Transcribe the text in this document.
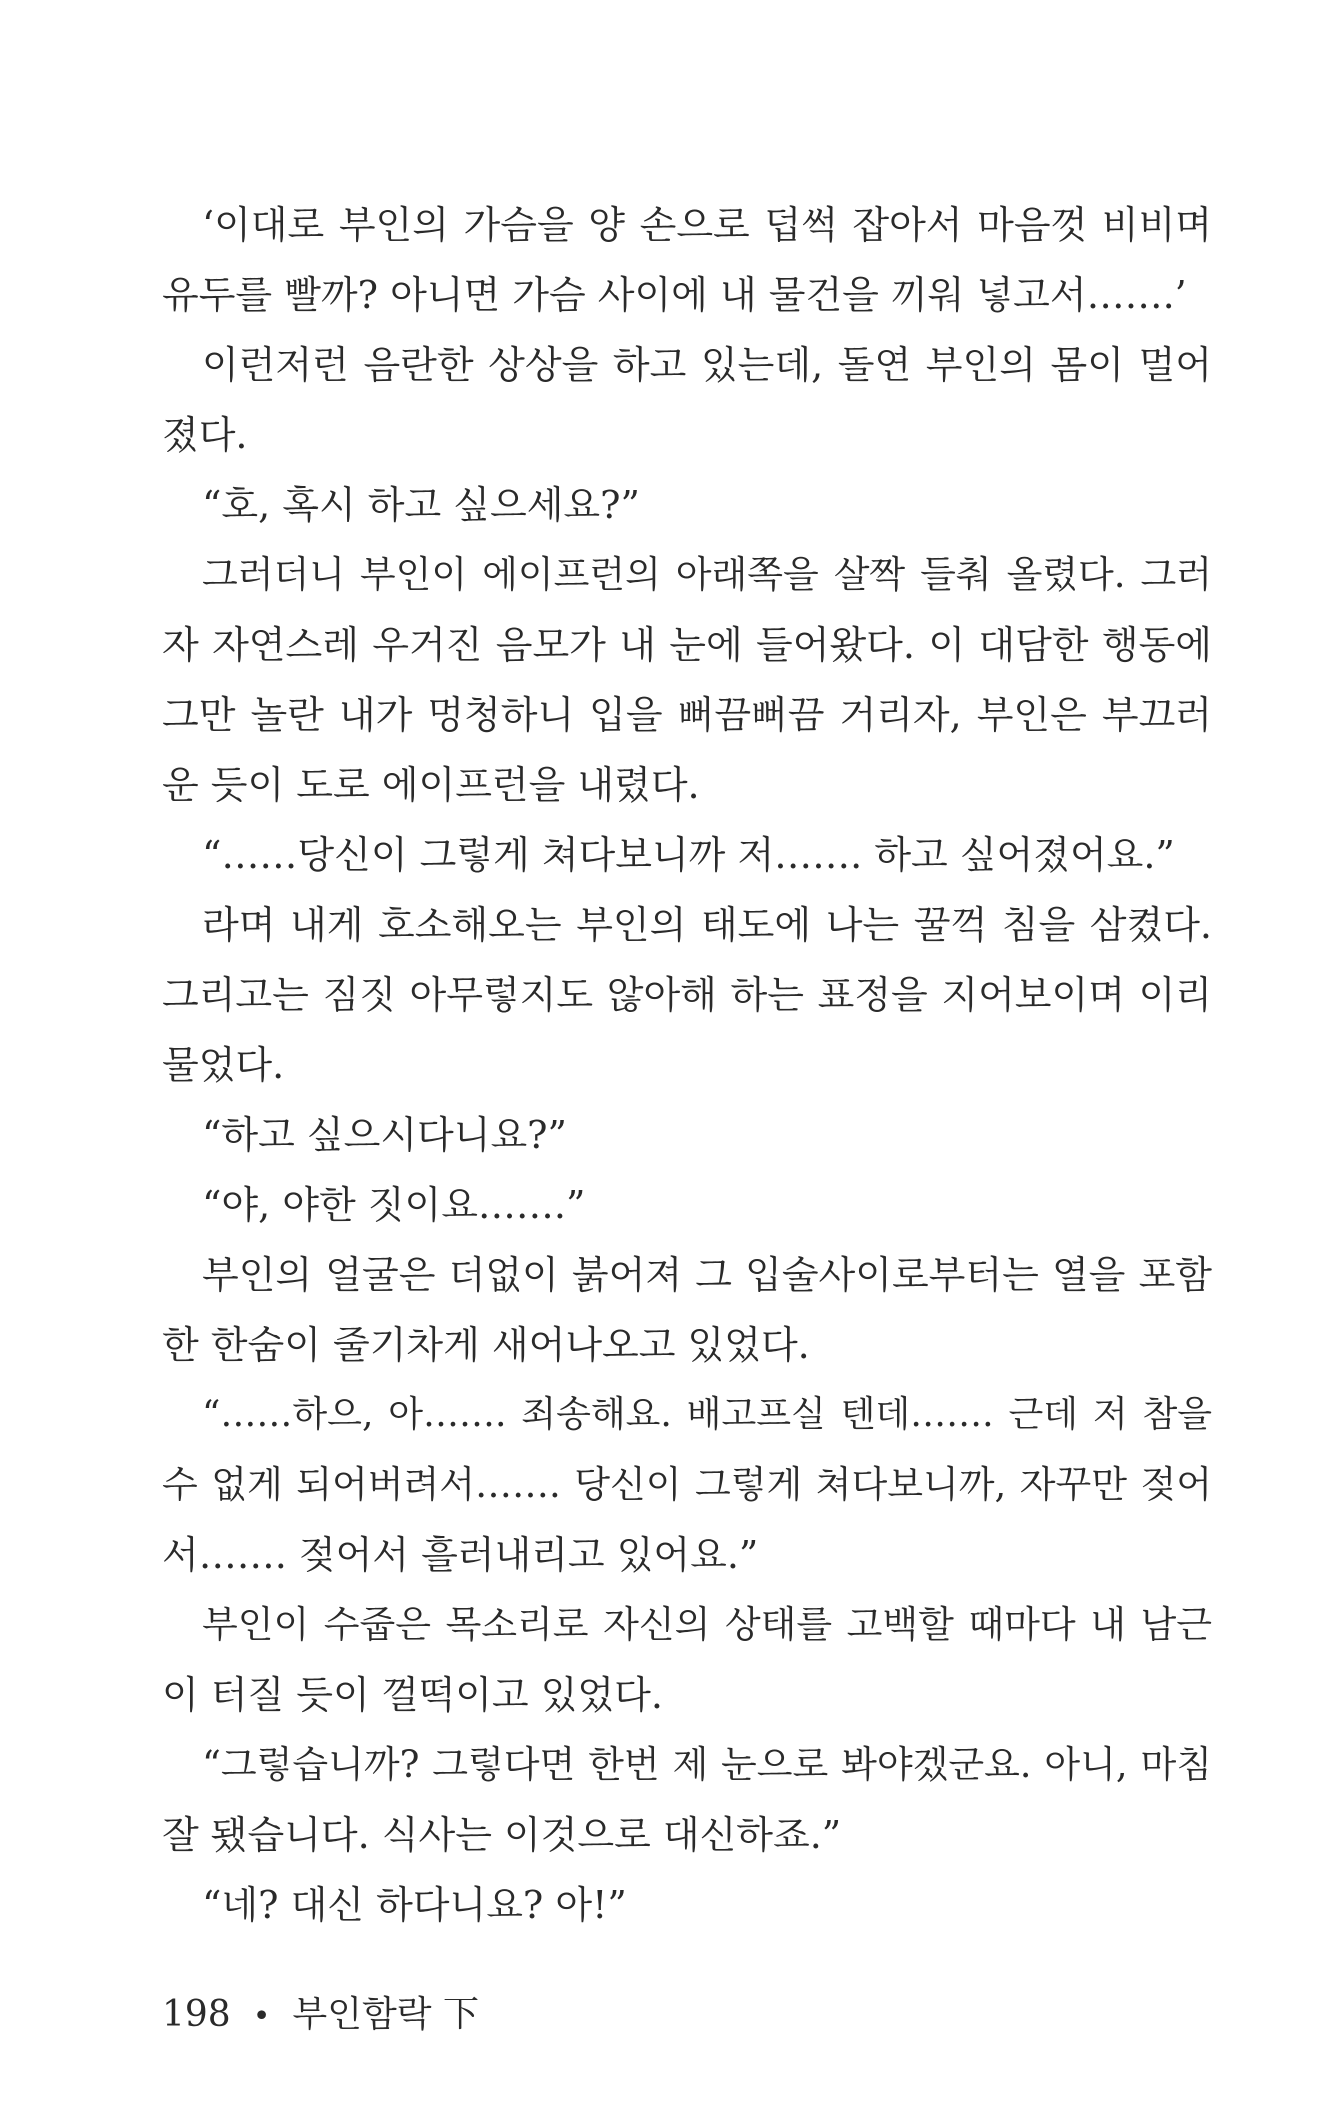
‘이대로 부인의 가슴을 양 손으로 덥썩 잡아서 마음껏 비비며
유두를 빨까? 아니면 가슴 사이에 내 물건을 끼워 넣고서…….’
이런저런 음란한 상상을 하고 있는데, 돌연 부인의 몸이 멀어
졌다.
“호, 혹시 하고 싶으세요?”
그러더니 부인이 에이프런의 아래쪽을 살짝 들춰 올렸다. 그러
자 자연스레 우거진 음모가 내 눈에 들어왔다. 이 대담한 행동에
그만 놀란 내가 멍청하니 입을 뻐끔뻐끔 거리자, 부인은 부끄러
운 듯이 도로 에이프런을 내렸다.
“……당신이 그렇게 쳐다보니까 저……. 하고 싶어졌어요.”
라며 내게 호소해오는 부인의 태도에 나는 꿀꺽 침을 삼켰다.
그리고는 짐짓 아무렇지도 않아해 하는 표정을 지어보이며 이리
물었다.
“하고 싶으시다니요?”
“야, 야한 짓이요…….”
부인의 얼굴은 더없이 붉어져 그 입술사이로부터는 열을 포함
한 한숨이 줄기차게 새어나오고 있었다.
“……하으, 아……. 죄송해요. 배고프실 텐데……. 근데 저 참을
수 없게 되어버려서……. 당신이 그렇게 쳐다보니까, 자꾸만 젖어
서……. 젖어서 흘러내리고 있어요.”
부인이 수줍은 목소리로 자신의 상태를 고백할 때마다 내 남근
이 터질 듯이 껄떡이고 있었다.
“그렇습니까? 그렇다면 한번 제 눈으로 봐야겠군요. 아니, 마침
잘 됐습니다. 식사는 이것으로 대신하죠.”
“네? 대신 하다니요? 아!”
198 • 부인함락 下
